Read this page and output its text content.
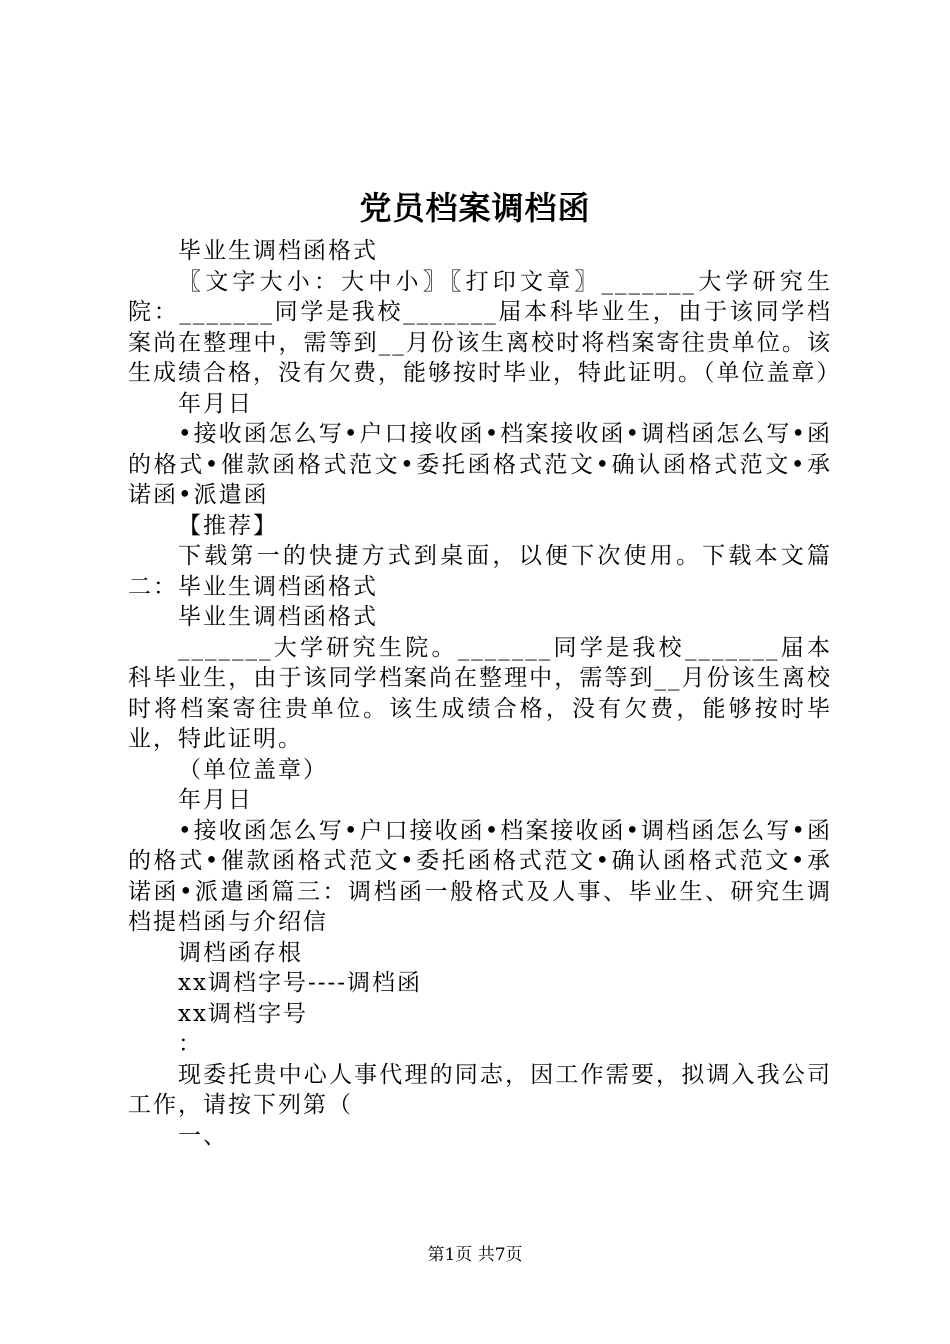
党员档案调档函

毕业生调档函格式

〖文字大小：大中小〗〖打印文章〗_______大学研究生院：_______同学是我校_______届本科毕业生，由于该同学档案尚在整理中，需等到__月份该生离校时将档案寄往贵单位。该生成绩合格，没有欠费，能够按时毕业，特此证明。（单位盖章）

年月日

•接收函怎么写•户口接收函•档案接收函•调档函怎么写•函的格式•催款函格式范文•委托函格式范文•确认函格式范文•承诺函•派遣函

【推荐】

下载第一的快捷方式到桌面，以便下次使用。下载本文篇二：毕业生调档函格式

毕业生调档函格式

_______大学研究生院。_______同学是我校_______届本科毕业生，由于该同学档案尚在整理中，需等到__月份该生离校时将档案寄往贵单位。该生成绩合格，没有欠费，能够按时毕业，特此证明。

（单位盖章）

年月日

•接收函怎么写•户口接收函•档案接收函•调档函怎么写•函的格式•催款函格式范文•委托函格式范文•确认函格式范文•承诺函•派遣函篇三：调档函一般格式及人事、毕业生、研究生调档提档函与介绍信

调档函存根

xx调档字号----调档函

xx调档字号

：

现委托贵中心人事代理的同志，因工作需要，拟调入我公司工作，请按下列第（

一、

第1页 共7页
